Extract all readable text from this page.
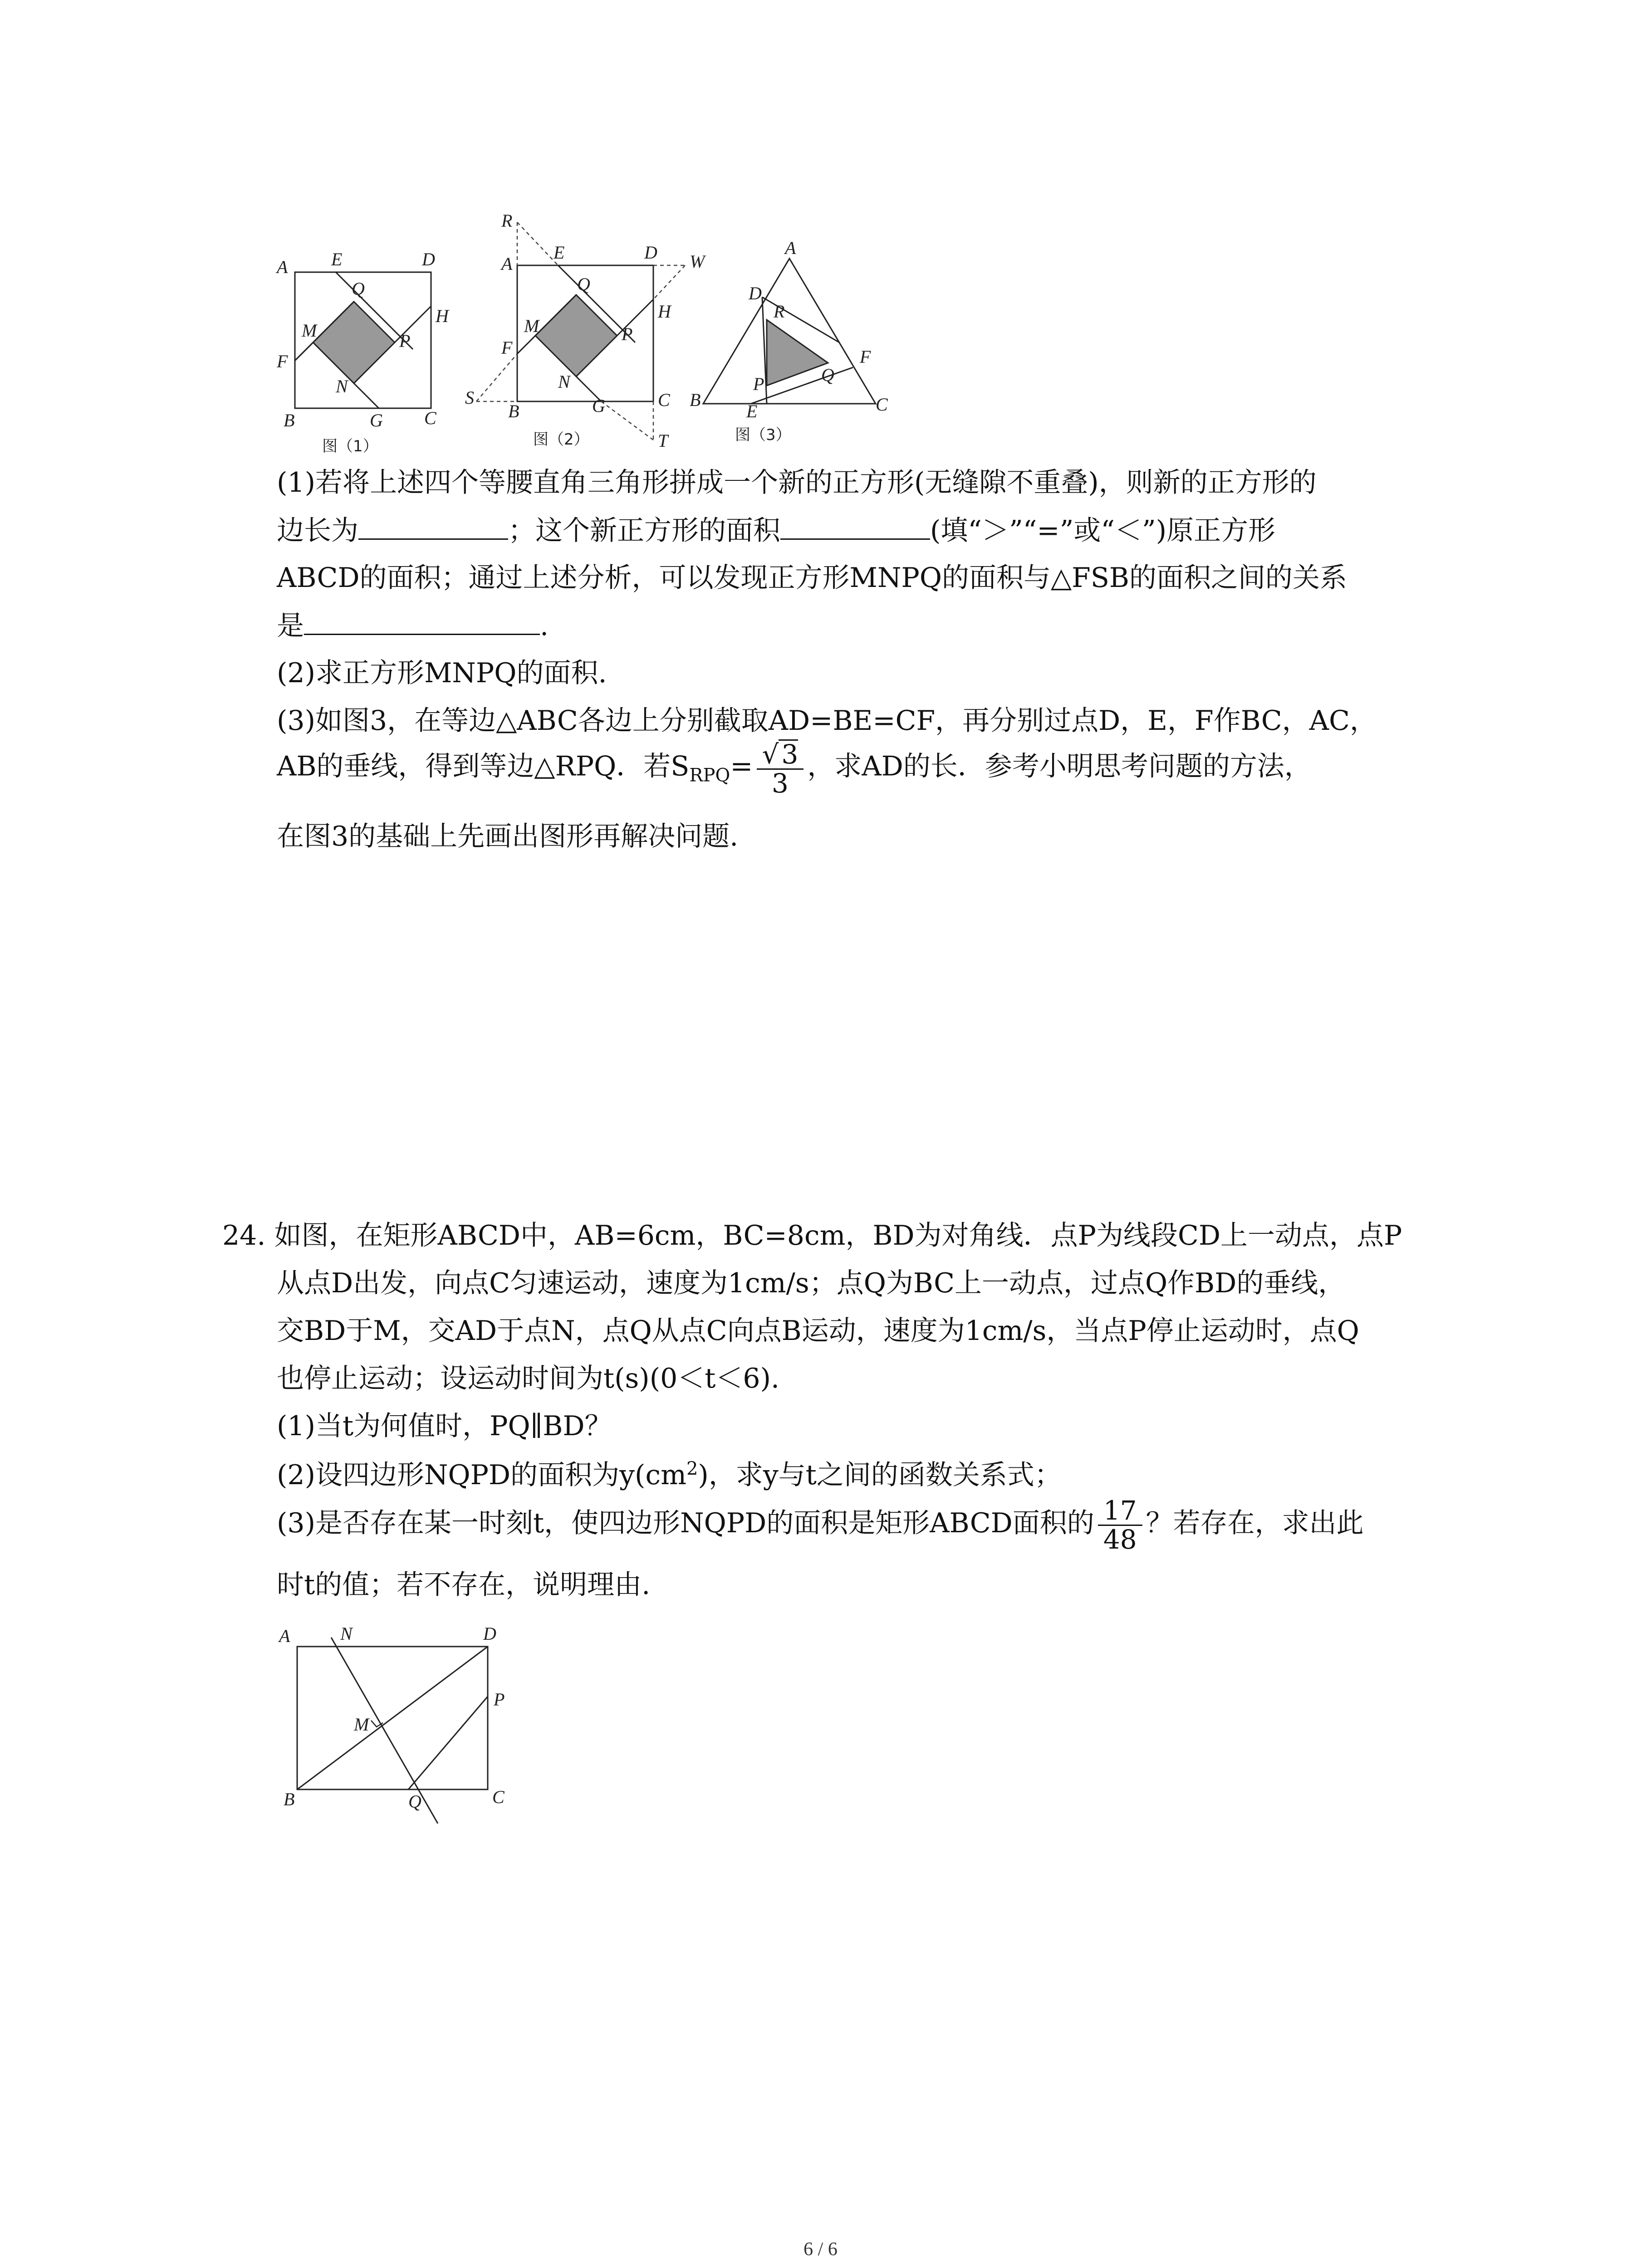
A E	D
Q
M
H
P
F
N
B	G C
图（1）
R
A
E	D W
Q
M
H
P
F
N
G
S
B
C
T
图（2）
A
D
R
Q
F
P
B
E	C
图（3）
(1)若将上述四个等腰直角三角形拼成一个新的正方形(无缝隙不重叠)，则新的正方形的
边长为	；这个新正方形的面积	(填“＞”“=”或“＜”)原正方形
ABCD的面积；通过上述分析，可以发现正方形MNPQ的面积与△FSB的面积之间的关系
是	.
(2)求正方形MNPQ的面积.
(3)如图3，在等边△ABC各边上分别截取AD=BE=CF，再分别过点D，E，F作BC，AC，
AB的垂线，得到等边△RPQ．若$S_{RPQ}= \frac{√ 3}{3}$ ，求AD的长．参考小明思考问题的方法，
在图3的基础上先画出图形再解决问题.
24. 如图，在矩形ABCD中，AB=6cm，BC=8cm，BD为对角线．点P为线段CD上一动点，点P
从点D出发，向点C匀速运动，速度为1cm/s；点Q为BC上一动点，过点Q作BD的垂线，
交BD于M，交AD于点N，点Q从点C向点B运动，速度为1cm/s，当点P停止运动时，点Q
也停止运动；设运动时间为t(s)(0＜t＜6).
(1)当t为何值时，PQ∥BD？
(2)设四边形NQPD的面积为$y(cm^2)$，求y与t之间的函数关系式；
(3)是否存在某一时刻t，使四边形NQPD的面积是矩形ABCD面积的 $\frac{17}{48}$ ？若存在，求出此
时t的值；若不存在，说明理由.
A	N	D
M
P
B	Q	C
6 / 6
